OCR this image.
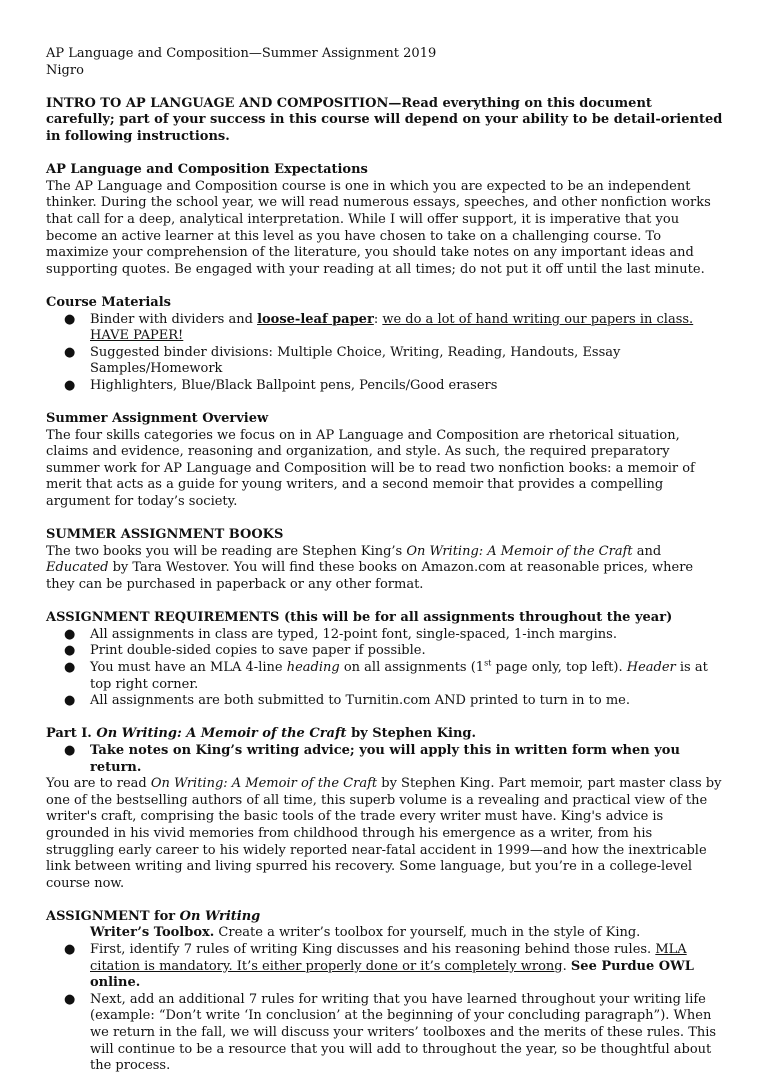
AP Language and Composition—Summer Assignment 2019

Nigro

INTRO TO AP LANGUAGE AND COMPOSITION—Read everything on this document carefully; part of your success in this course will depend on your ability to be detail-oriented in following instructions.

AP Language and Composition Expectations

The AP Language and Composition course is one in which you are expected to be an independent thinker. During the school year, we will read numerous essays, speeches, and other nonfiction works that call for a deep, analytical interpretation. While I will offer support, it is imperative that you become an active learner at this level as you have chosen to take on a challenging course. To maximize your comprehension of the literature, you should take notes on any important ideas and supporting quotes. Be engaged with your reading at all times; do not put it off until the last minute.

Course Materials

● Binder with dividers and loose-leaf paper: we do a lot of hand writing our papers in class. HAVE PAPER!
● Suggested binder divisions: Multiple Choice, Writing, Reading, Handouts, Essay Samples/Homework
● Highlighters, Blue/Black Ballpoint pens, Pencils/Good erasers

Summer Assignment Overview

The four skills categories we focus on in AP Language and Composition are rhetorical situation, claims and evidence, reasoning and organization, and style. As such, the required preparatory summer work for AP Language and Composition will be to read two nonfiction books: a memoir of merit that acts as a guide for young writers, and a second memoir that provides a compelling argument for today’s society.

SUMMER ASSIGNMENT BOOKS

The two books you will be reading are Stephen King’s On Writing: A Memoir of the Craft and Educated by Tara Westover. You will find these books on Amazon.com at reasonable prices, where they can be purchased in paperback or any other format.

ASSIGNMENT REQUIREMENTS (this will be for all assignments throughout the year)

● All assignments in class are typed, 12-point font, single-spaced, 1-inch margins.
● Print double-sided copies to save paper if possible.
● You must have an MLA 4-line heading on all assignments (1st page only, top left). Header is at top right corner.
● All assignments are both submitted to Turnitin.com AND printed to turn in to me.

Part I. On Writing: A Memoir of the Craft by Stephen King.

● Take notes on King’s writing advice; you will apply this in written form when you return.

You are to read On Writing: A Memoir of the Craft by Stephen King. Part memoir, part master class by one of the bestselling authors of all time, this superb volume is a revealing and practical view of the writer's craft, comprising the basic tools of the trade every writer must have. King's advice is grounded in his vivid memories from childhood through his emergence as a writer, from his struggling early career to his widely reported near-fatal accident in 1999—and how the inextricable link between writing and living spurred his recovery. Some language, but you’re in a college-level course now.

ASSIGNMENT for On Writing

Writer’s Toolbox. Create a writer’s toolbox for yourself, much in the style of King.

● First, identify 7 rules of writing King discusses and his reasoning behind those rules. MLA citation is mandatory. It’s either properly done or it’s completely wrong. See Purdue OWL online.
● Next, add an additional 7 rules for writing that you have learned throughout your writing life (example: “Don’t write ‘In conclusion’ at the beginning of your concluding paragraph”). When we return in the fall, we will discuss your writers’ toolboxes and the merits of these rules. This will continue to be a resource that you will add to throughout the year, so be thoughtful about the process.
